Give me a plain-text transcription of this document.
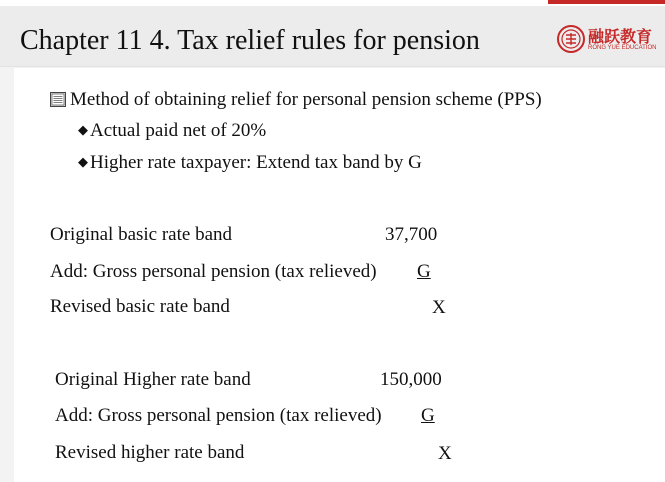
Chapter 11 4. Tax relief rules for pension	融跃教育
RONG YUE EDUCATION
Method of obtaining relief for personal pension scheme (PPS)
◆ Actual paid net of 20%
◆ Higher rate taxpayer: Extend tax band by G
Original basic rate band	37,700
Add: Gross personal pension (tax relieved) G
Revised basic rate band	X
Original Higher rate band	150,000
Add: Gross personal pension (tax relieved) G
Revised higher rate band	X
